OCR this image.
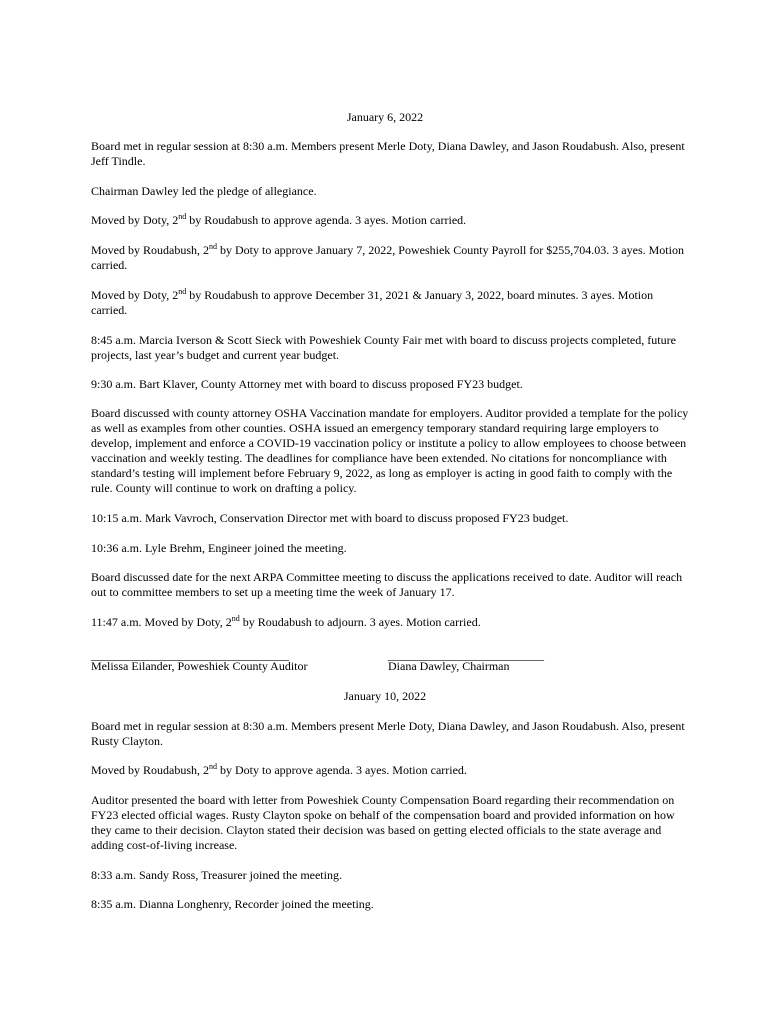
January 6, 2022

Board met in regular session at 8:30 a.m. Members present Merle Doty, Diana Dawley, and Jason Roudabush. Also, present Jeff Tindle.

Chairman Dawley led the pledge of allegiance.

Moved by Doty, 2nd by Roudabush to approve agenda. 3 ayes. Motion carried.

Moved by Roudabush, 2nd by Doty to approve January 7, 2022, Poweshiek County Payroll for $255,704.03. 3 ayes. Motion carried.

Moved by Doty, 2nd by Roudabush to approve December 31, 2021 & January 3, 2022, board minutes. 3 ayes. Motion carried.

8:45 a.m. Marcia Iverson & Scott Sieck with Poweshiek County Fair met with board to discuss projects completed, future projects, last year’s budget and current year budget.

9:30 a.m. Bart Klaver, County Attorney met with board to discuss proposed FY23 budget.

Board discussed with county attorney OSHA Vaccination mandate for employers. Auditor provided a template for the policy as well as examples from other counties. OSHA issued an emergency temporary standard requiring large employers to develop, implement and enforce a COVID-19 vaccination policy or institute a policy to allow employees to choose between vaccination and weekly testing. The deadlines for compliance have been extended. No citations for noncompliance with standard’s testing will implement before February 9, 2022, as long as employer is acting in good faith to comply with the rule. County will continue to work on drafting a policy.

10:15 a.m. Mark Vavroch, Conservation Director met with board to discuss proposed FY23 budget.

10:36 a.m. Lyle Brehm, Engineer joined the meeting.

Board discussed date for the next ARPA Committee meeting to discuss the applications received to date. Auditor will reach out to committee members to set up a meeting time the week of January 17.

11:47 a.m. Moved by Doty, 2nd by Roudabush to adjourn. 3 ayes. Motion carried.

_________________________________	__________________________
Melissa Eilander, Poweshiek County Auditor	Diana Dawley, Chairman
January 10, 2022

Board met in regular session at 8:30 a.m. Members present Merle Doty, Diana Dawley, and Jason Roudabush. Also, present Rusty Clayton.

Moved by Roudabush, 2nd by Doty to approve agenda. 3 ayes. Motion carried.

Auditor presented the board with letter from Poweshiek County Compensation Board regarding their recommendation on FY23 elected official wages. Rusty Clayton spoke on behalf of the compensation board and provided information on how they came to their decision. Clayton stated their decision was based on getting elected officials to the state average and adding cost-of-living increase.

8:33 a.m. Sandy Ross, Treasurer joined the meeting.

8:35 a.m. Dianna Longhenry, Recorder joined the meeting.
